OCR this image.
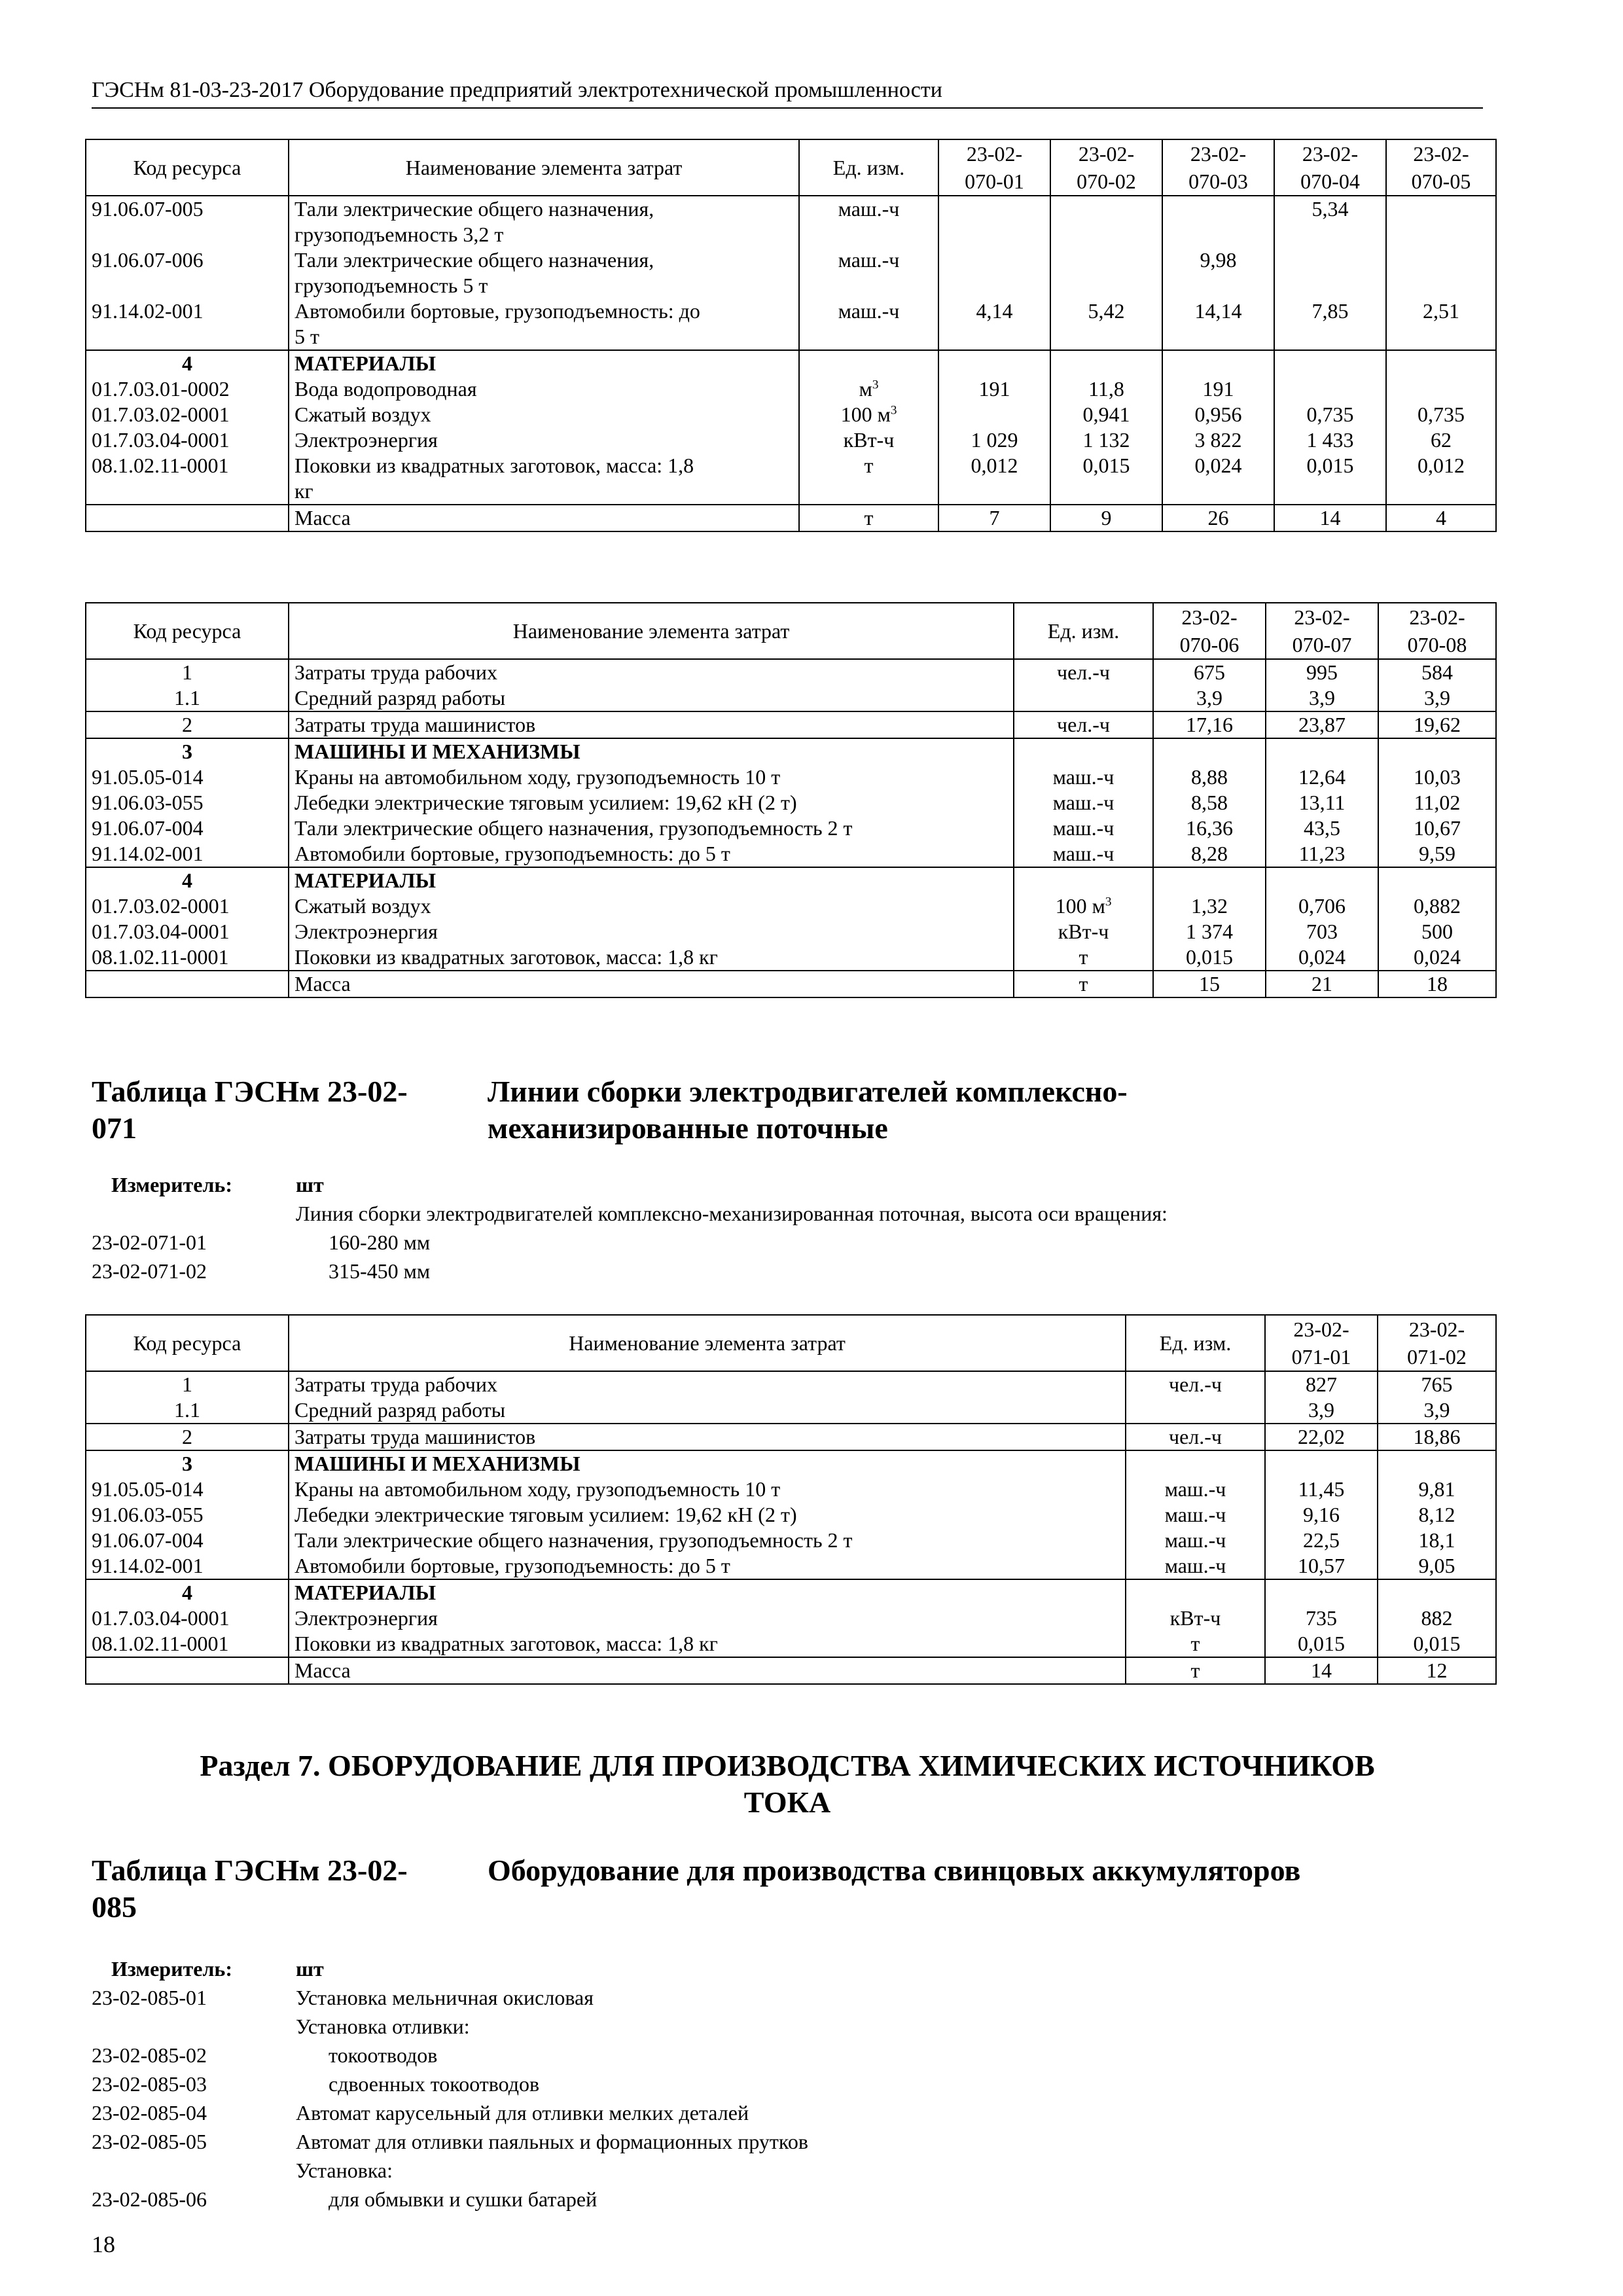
ГЭСНм 81-03-23-2017 Оборудование предприятий электротехнической промышленности
Код ресурса	Наименование элемента затрат	Ед. изм.	23-02-
070-01	23-02-
070-02	23-02-
070-03	23-02-
070-04	23-02-
070-05
91.06.07-005	Тали электрические общего назначения,
грузоподъемность 3,2 т	маш.-ч				5,34	
91.06.07-006	Тали электрические общего назначения,
грузоподъемность 5 т	маш.-ч			9,98		
91.14.02-001	Автомобили бортовые, грузоподъемность: до
5 т	маш.-ч	4,14	5,42	14,14	7,85	2,51
4	МАТЕРИАЛЫ						
01.7.03.01-0002	Вода водопроводная	$м^3$	191	11,8	191		
01.7.03.02-0001	Сжатый воздух	100 $м^3$		0,941	0,956	0,735	0,735
01.7.03.04-0001	Электроэнергия	кВт-ч	1 029	1 132	3 822	1 433	62
08.1.02.11-0001	Поковки из квадратных заготовок, масса: 1,8
кг	т	0,012	0,015	0,024	0,015	0,012
	Масса	т	7	9	26	14	4
Код ресурса	Наименование элемента затрат	Ед. изм.	23-02-
070-06	23-02-
070-07	23-02-
070-08
1	Затраты труда рабочих	чел.-ч	675	995	584
1.1	Средний разряд работы		3,9	3,9	3,9
2	Затраты труда машинистов	чел.-ч	17,16	23,87	19,62
3	МАШИНЫ И МЕХАНИЗМЫ				
91.05.05-014	Краны на автомобильном ходу, грузоподъемность 10 т	маш.-ч	8,88	12,64	10,03
91.06.03-055	Лебедки электрические тяговым усилием: 19,62 кН (2 т)	маш.-ч	8,58	13,11	11,02
91.06.07-004	Тали электрические общего назначения, грузоподъемность 2 т	маш.-ч	16,36	43,5	10,67
91.14.02-001	Автомобили бортовые, грузоподъемность: до 5 т	маш.-ч	8,28	11,23	9,59
4	МАТЕРИАЛЫ				
01.7.03.02-0001	Сжатый воздух	100 $м^3$	1,32	0,706	0,882
01.7.03.04-0001	Электроэнергия	кВт-ч	1 374	703	500
08.1.02.11-0001	Поковки из квадратных заготовок, масса: 1,8 кг	т	0,015	0,024	0,024
	Масса	т	15	21	18
Таблица ГЭСНм 23-02-
071
Линии сборки электродвигателей комплексно-
механизированные поточные
Измеритель:	шт
Линия сборки электродвигателей комплексно-механизированная поточная, высота оси вращения:
23-02-071-01	160-280 мм
23-02-071-02	315-450 мм
Код ресурса	Наименование элемента затрат	Ед. изм.	23-02-
071-01	23-02-
071-02
1	Затраты труда рабочих	чел.-ч	827	765
1.1	Средний разряд работы		3,9	3,9
2	Затраты труда машинистов	чел.-ч	22,02	18,86
3	МАШИНЫ И МЕХАНИЗМЫ			
91.05.05-014	Краны на автомобильном ходу, грузоподъемность 10 т	маш.-ч	11,45	9,81
91.06.03-055	Лебедки электрические тяговым усилием: 19,62 кН (2 т)	маш.-ч	9,16	8,12
91.06.07-004	Тали электрические общего назначения, грузоподъемность 2 т	маш.-ч	22,5	18,1
91.14.02-001	Автомобили бортовые, грузоподъемность: до 5 т	маш.-ч	10,57	9,05
4	МАТЕРИАЛЫ			
01.7.03.04-0001	Электроэнергия	кВт-ч	735	882
08.1.02.11-0001	Поковки из квадратных заготовок, масса: 1,8 кг	т	0,015	0,015
	Масса	т	14	12
Раздел 7. ОБОРУДОВАНИЕ ДЛЯ ПРОИЗВОДСТВА ХИМИЧЕСКИХ ИСТОЧНИКОВ
ТОКА
Таблица ГЭСНм 23-02-
085
Оборудование для производства свинцовых аккумуляторов
Измеритель:	шт
23-02-085-01	Установка мельничная окисловая
Установка отливки:
23-02-085-02	токоотводов
23-02-085-03	сдвоенных токоотводов
23-02-085-04	Автомат карусельный для отливки мелких деталей
23-02-085-05	Автомат для отливки паяльных и формационных прутков
Установка:
23-02-085-06	для обмывки и сушки батарей
18
